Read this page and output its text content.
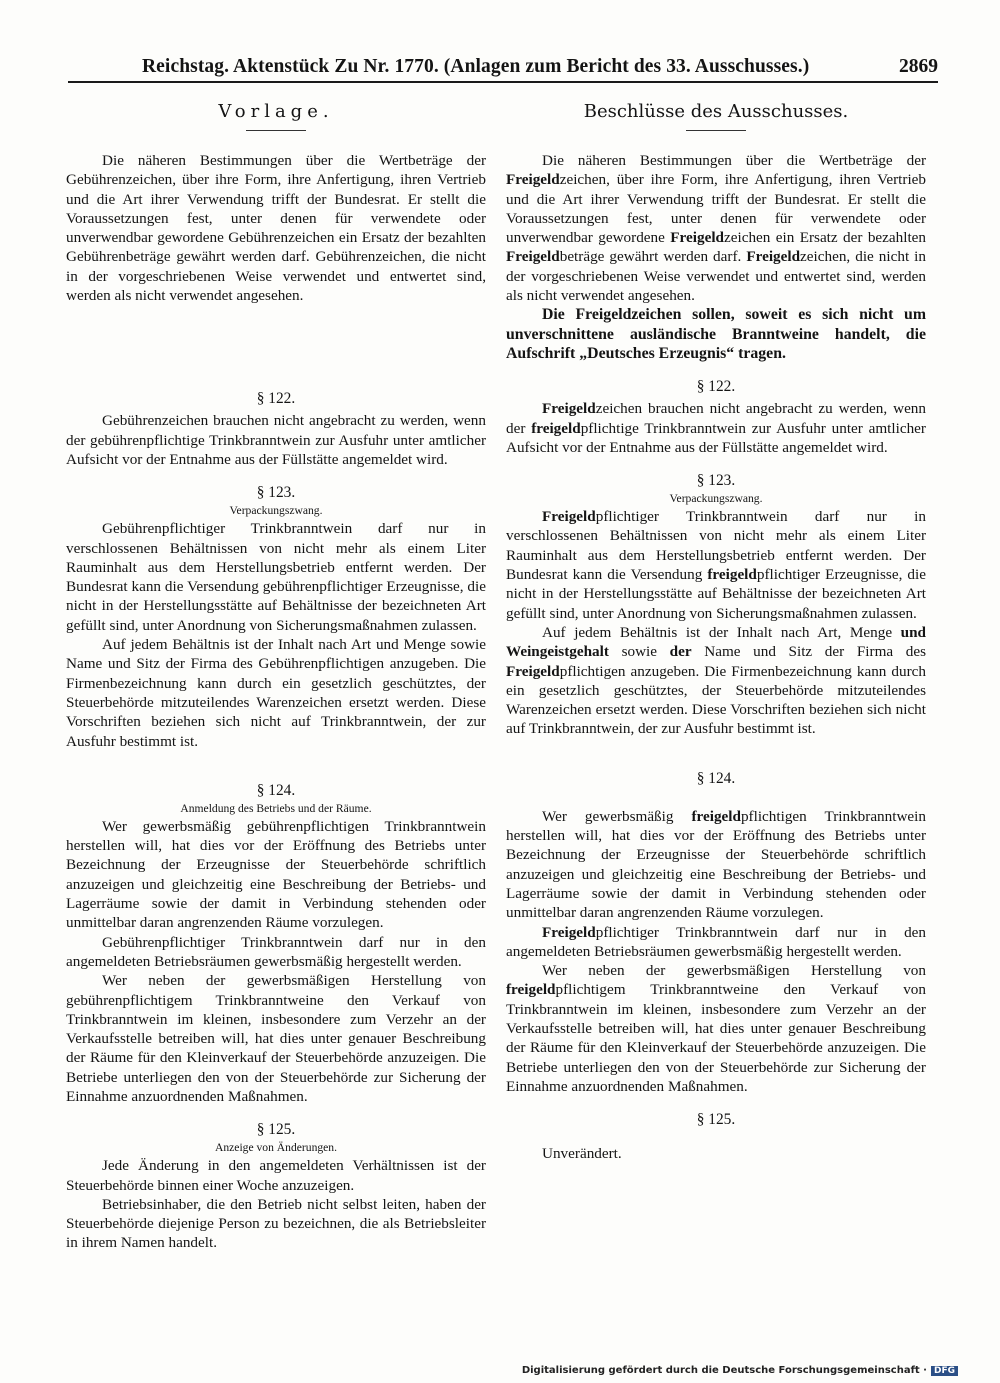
Reichstag. Aktenstück Zu Nr. 1770. (Anlagen zum Bericht des 33. Ausschusses.)	2869
Vorlage.

Die näheren Bestimmungen über die Wertbeträge der Gebührenzeichen, über ihre Form, ihre Anfertigung, ihren Vertrieb und die Art ihrer Verwendung trifft der Bundesrat. Er stellt die Voraussetzungen fest, unter denen für verwendete oder unverwendbar gewordene Gebührenzeichen ein Ersatz der bezahlten Gebührenbeträge gewährt werden darf. Gebührenzeichen, die nicht in der vorgeschriebenen Weise verwendet und entwertet sind, werden als nicht verwendet angesehen.

§ 122.

Gebührenzeichen brauchen nicht angebracht zu werden, wenn der gebührenpflichtige Trinkbranntwein zur Ausfuhr unter amtlicher Aufsicht vor der Entnahme aus der Füllstätte angemeldet wird.

§ 123.
Verpackungszwang.

Gebührenpflichtiger Trinkbranntwein darf nur in verschlossenen Behältnissen von nicht mehr als einem Liter Rauminhalt aus dem Herstellungsbetrieb entfernt werden. Der Bundesrat kann die Versendung gebührenpflichtiger Erzeugnisse, die nicht in der Herstellungsstätte auf Behältnisse der bezeichneten Art gefüllt sind, unter Anordnung von Sicherungsmaßnahmen zulassen.

Auf jedem Behältnis ist der Inhalt nach Art und Menge sowie Name und Sitz der Firma des Gebührenpflichtigen anzugeben. Die Firmenbezeichnung kann durch ein gesetzlich geschütztes, der Steuerbehörde mitzuteilendes Warenzeichen ersetzt werden. Diese Vorschriften beziehen sich nicht auf Trinkbranntwein, der zur Ausfuhr bestimmt ist.

§ 124.
Anmeldung des Betriebs und der Räume.

Wer gewerbsmäßig gebührenpflichtigen Trinkbranntwein herstellen will, hat dies vor der Eröffnung des Betriebs unter Bezeichnung der Erzeugnisse der Steuerbehörde schriftlich anzuzeigen und gleichzeitig eine Beschreibung der Betriebs- und Lagerräume sowie der damit in Verbindung stehenden oder unmittelbar daran angrenzenden Räume vorzulegen.

Gebührenpflichtiger Trinkbranntwein darf nur in den angemeldeten Betriebsräumen gewerbsmäßig hergestellt werden.

Wer neben der gewerbsmäßigen Herstellung von gebührenpflichtigem Trinkbranntweine den Verkauf von Trinkbranntwein im kleinen, insbesondere zum Verzehr an der Verkaufsstelle betreiben will, hat dies unter genauer Beschreibung der Räume für den Kleinverkauf der Steuerbehörde anzuzeigen. Die Betriebe unterliegen den von der Steuerbehörde zur Sicherung der Einnahme anzuordnenden Maßnahmen.

§ 125.
Anzeige von Änderungen.

Jede Änderung in den angemeldeten Verhältnissen ist der Steuerbehörde binnen einer Woche anzuzeigen.

Betriebsinhaber, die den Betrieb nicht selbst leiten, haben der Steuerbehörde diejenige Person zu bezeichnen, die als Betriebsleiter in ihrem Namen handelt.

Beschlüsse des Ausschusses.

Die näheren Bestimmungen über die Wertbeträge der Freigeldzeichen, über ihre Form, ihre Anfertigung, ihren Vertrieb und die Art ihrer Verwendung trifft der Bundesrat. Er stellt die Voraussetzungen fest, unter denen für verwendete oder unverwendbar gewordene Freigeldzeichen ein Ersatz der bezahlten Freigeldbeträge gewährt werden darf. Freigeldzeichen, die nicht in der vorgeschriebenen Weise verwendet und entwertet sind, werden als nicht verwendet angesehen.

Die Freigeldzeichen sollen, soweit es sich nicht um unverschnittene ausländische Branntweine handelt, die Aufschrift „Deutsches Erzeugnis“ tragen.

§ 122.

Freigeldzeichen brauchen nicht angebracht zu werden, wenn der freigeldpflichtige Trinkbranntwein zur Ausfuhr unter amtlicher Aufsicht vor der Entnahme aus der Füllstätte angemeldet wird.

§ 123.
Verpackungszwang.

Freigeldpflichtiger Trinkbranntwein darf nur in verschlossenen Behältnissen von nicht mehr als einem Liter Rauminhalt aus dem Herstellungsbetrieb entfernt werden. Der Bundesrat kann die Versendung freigeldpflichtiger Erzeugnisse, die nicht in der Herstellungsstätte auf Behältnisse der bezeichneten Art gefüllt sind, unter Anordnung von Sicherungsmaßnahmen zulassen.

Auf jedem Behältnis ist der Inhalt nach Art, Menge und Weingeistgehalt sowie der Name und Sitz der Firma des Freigeldpflichtigen anzugeben. Die Firmenbezeichnung kann durch ein gesetzlich geschütztes, der Steuerbehörde mitzuteilendes Warenzeichen ersetzt werden. Diese Vorschriften beziehen sich nicht auf Trinkbranntwein, der zur Ausfuhr bestimmt ist.

§ 124.

Wer gewerbsmäßig freigeldpflichtigen Trinkbranntwein herstellen will, hat dies vor der Eröffnung des Betriebs unter Bezeichnung der Erzeugnisse der Steuerbehörde schriftlich anzuzeigen und gleichzeitig eine Beschreibung der Betriebs- und Lagerräume sowie der damit in Verbindung stehenden oder unmittelbar daran angrenzenden Räume vorzulegen.

Freigeldpflichtiger Trinkbranntwein darf nur in den angemeldeten Betriebsräumen gewerbsmäßig hergestellt werden.

Wer neben der gewerbsmäßigen Herstellung von freigeldpflichtigem Trinkbranntweine den Verkauf von Trinkbranntwein im kleinen, insbesondere zum Verzehr an der Verkaufsstelle betreiben will, hat dies unter genauer Beschreibung der Räume für den Kleinverkauf der Steuerbehörde anzuzeigen. Die Betriebe unterliegen den von der Steuerbehörde zur Sicherung der Einnahme anzuordnenden Maßnahmen.

§ 125.

Unverändert.

Digitalisierung gefördert durch die Deutsche Forschungsgemeinschaft · DFG
